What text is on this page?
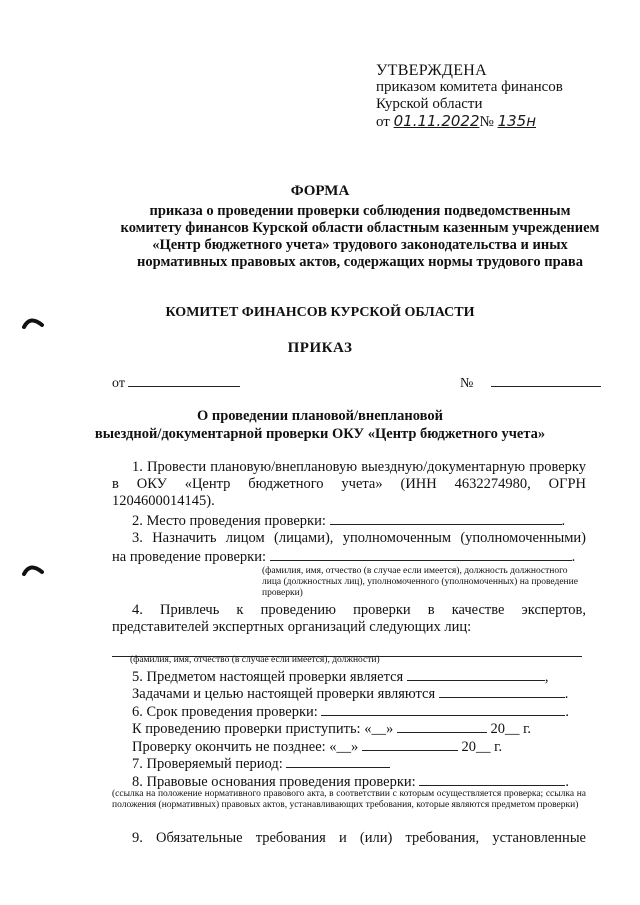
УТВЕРЖДЕНА
приказом комитета финансов
Курской области
от 01.11.2022№ 135н
ФОРМА
приказа о проведении проверки соблюдения подведомственным комитету финансов Курской области областным казенным учреждением «Центр бюджетного учета» трудового законодательства и иных нормативных правовых актов, содержащих нормы трудового права
КОМИТЕТ ФИНАНСОВ КУРСКОЙ ОБЛАСТИ
ПРИКАЗ
от	№
О проведении плановой/внеплановой
выездной/документарной проверки ОКУ «Центр бюджетного учета»
1. Провести плановую/внеплановую выездную/документарную проверку в ОКУ «Центр бюджетного учета» (ИНН 4632274980, ОГРН 1204600014145).
2. Место проведения проверки:	.
3. Назначить лицом (лицами), уполномоченным (уполномоченными)
на проведение проверки:	.
(фамилия, имя, отчество (в случае если имеется), должность должностного лица (должностных лиц), уполномоченного (уполномоченных) на проведение проверки)
4. Привлечь к проведению проверки в качестве экспертов, представителей экспертных организаций следующих лиц:
(фамилия, имя, отчество (в случае если имеется), должности)
5. Предметом настоящей проверки является	,
Задачами и целью настоящей проверки являются	.
6. Срок проведения проверки:	.
К проведению проверки приступить: «__»	20__ г.
Проверку окончить не позднее: «__»	20__ г.
7. Проверяемый период:
8. Правовые основания проведения проверки:	.
(ссылка на положение нормативного правового акта, в соответствии с которым осуществляется проверка; ссылка на положения (нормативных) правовых актов, устанавливающих требования, которые являются предметом проверки)
9. Обязательные требования и (или) требования, установленные
